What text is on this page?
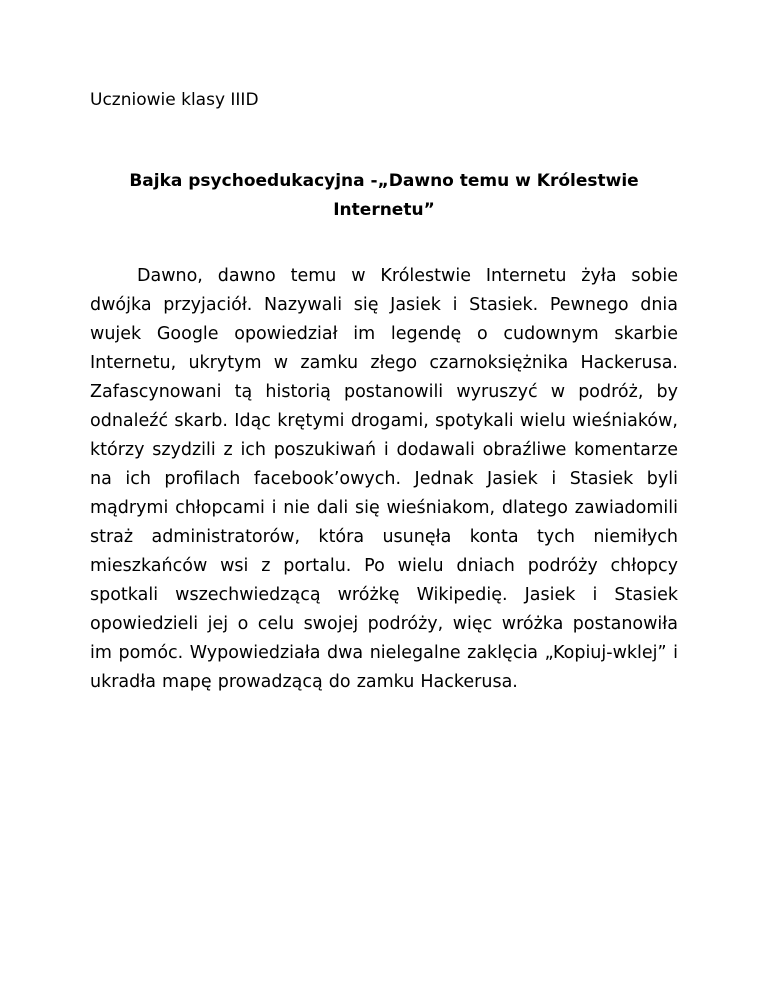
Uczniowie klasy IIID

Bajka psychoedukacyjna -„Dawno temu w Królestwie
Internetu”

Dawno, dawno temu w Królestwie Internetu żyła sobie dwójka przyjaciół. Nazywali się Jasiek i Stasiek. Pewnego dnia wujek Google opowiedział im legendę o cudownym skarbie Internetu, ukrytym w zamku złego czarnoksiężnika Hackerusa. Zafascynowani tą historią postanowili wyruszyć w podróż, by odnaleźć skarb. Idąc krętymi drogami, spotykali wielu wieśniaków, którzy szydzili z ich poszukiwań i dodawali obraźliwe komentarze na ich profilach facebook’owych. Jednak Jasiek i Stasiek byli mądrymi chłopcami i nie dali się wieśniakom, dlatego zawiadomili straż administratorów, która usunęła konta tych niemiłych mieszkańców wsi z portalu. Po wielu dniach podróży chłopcy spotkali wszechwiedzącą wróżkę Wikipedię. Jasiek i Stasiek opowiedzieli jej o celu swojej podróży, więc wróżka postanowiła im pomóc. Wypowiedziała dwa nielegalne zaklęcia „Kopiuj-wklej” i ukradła mapę prowadzącą do zamku Hackerusa.
